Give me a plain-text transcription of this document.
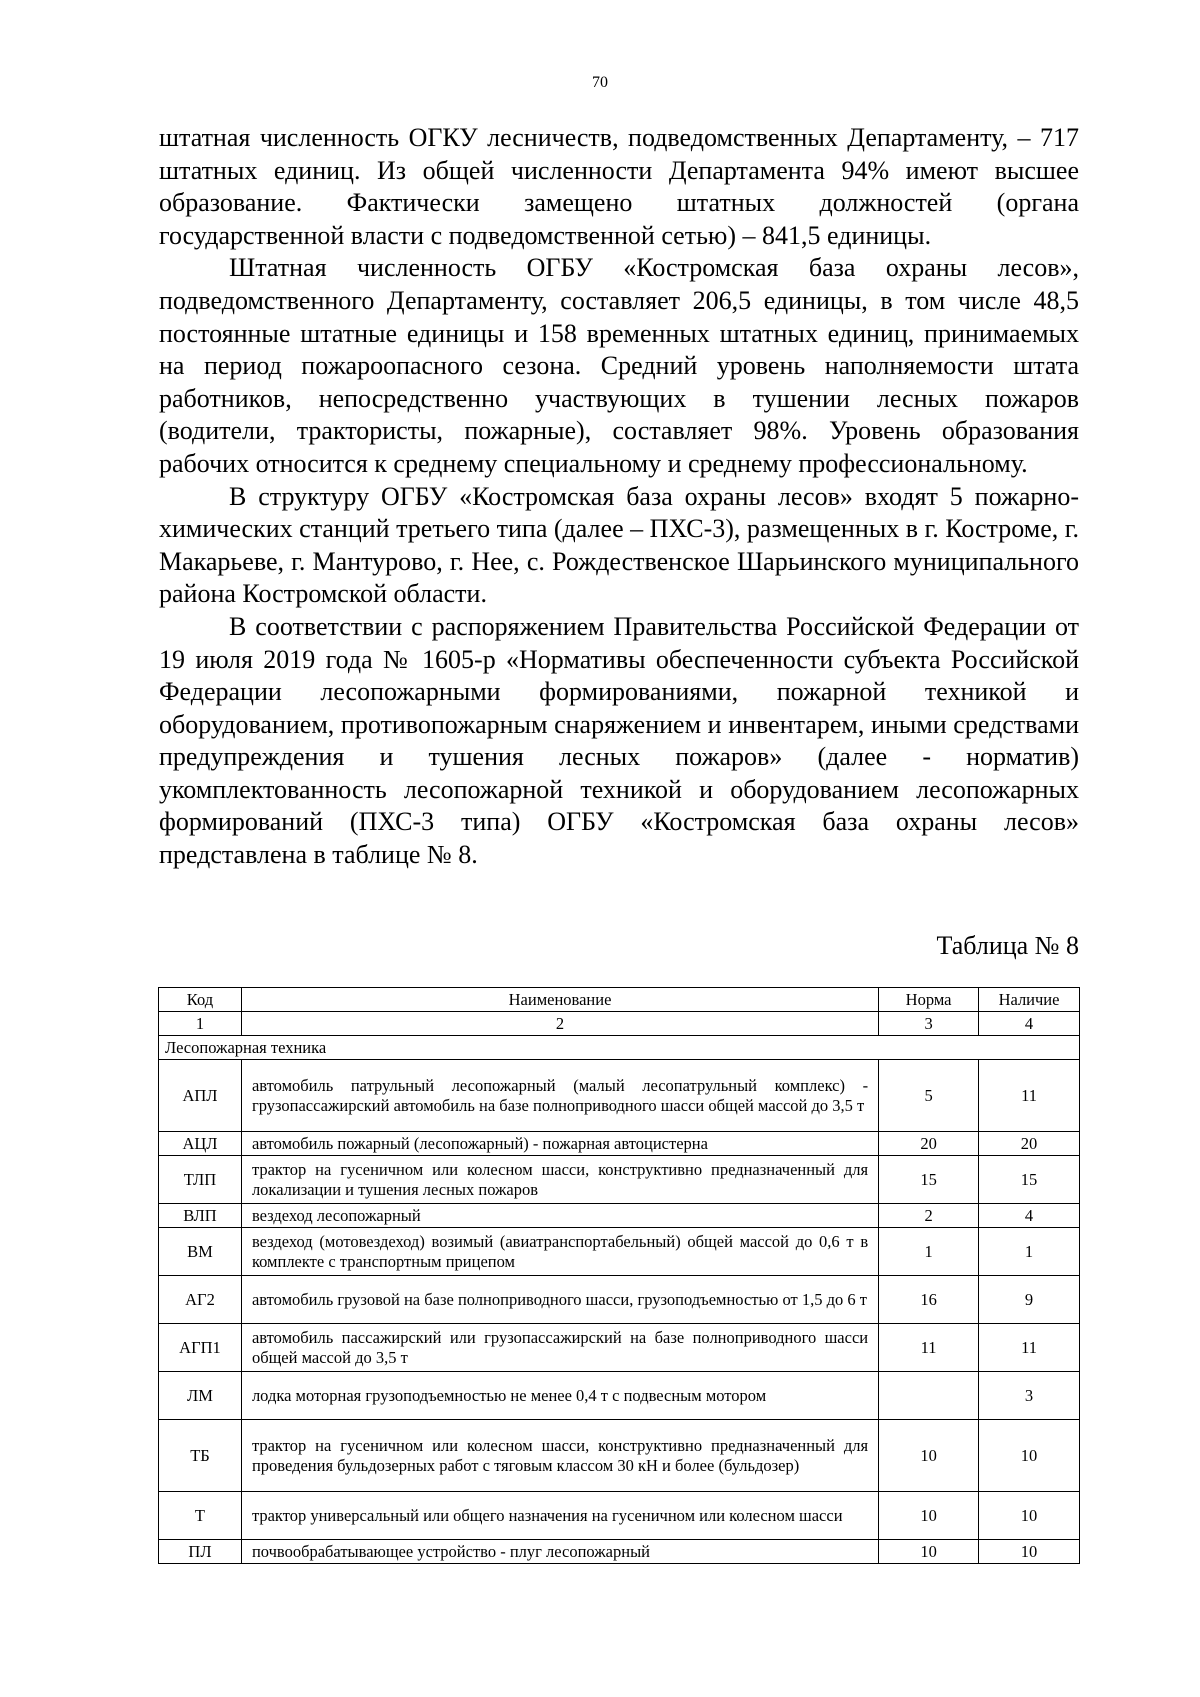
70

штатная численность ОГКУ лесничеств, подведомственных Департаменту, – 717 штатных единиц. Из общей численности Департамента 94% имеют высшее образование. Фактически замещено штатных должностей (органа государственной власти с подведомственной сетью) – 841,5 единицы.

Штатная численность ОГБУ «Костромская база охраны лесов», подведомственного Департаменту, составляет 206,5 единицы, в том числе 48,5 постоянные штатные единицы и 158 временных штатных единиц, принимаемых на период пожароопасного сезона. Средний уровень наполняемости штата работников, непосредственно участвующих в тушении лесных пожаров (водители, трактористы, пожарные), составляет 98%. Уровень образования рабочих относится к среднему специальному и среднему профессиональному.

В структуру ОГБУ «Костромская база охраны лесов» входят 5 пожарно-химических станций третьего типа (далее – ПХС-3), размещенных в г. Костроме, г. Макарьеве, г. Мантурово, г. Нее, с. Рождественское Шарьинского муниципального района Костромской области.

В соответствии с распоряжением Правительства Российской Федерации от 19 июля 2019 года № 1605-р «Нормативы обеспеченности субъекта Российской Федерации лесопожарными формированиями, пожарной техникой и оборудованием, противопожарным снаряжением и инвентарем, иными средствами предупреждения и тушения лесных пожаров» (далее - норматив) укомплектованность лесопожарной техникой и оборудованием лесопожарных формирований (ПХС-3 типа) ОГБУ «Костромская база охраны лесов» представлена в таблице № 8.

Таблица № 8
Код	Наименование	Норма	Наличие
1	2	3	4
Лесопожарная техника			
АПЛ	автомобиль патрульный лесопожарный (малый лесопатрульный комплекс) - грузопассажирский автомобиль на базе полноприводного шасси общей массой до 3,5 т	5	11
АЦЛ	автомобиль пожарный (лесопожарный) - пожарная автоцистерна	20	20
ТЛП	трактор на гусеничном или колесном шасси, конструктивно предназначенный для локализации и тушения лесных пожаров	15	15
ВЛП	вездеход лесопожарный	2	4
ВМ	вездеход (мотовездеход) возимый (авиатранспортабельный) общей массой до 0,6 т в комплекте с транспортным прицепом	1	1
АГ2	автомобиль грузовой на базе полноприводного шасси, грузоподъемностью от 1,5 до 6 т	16	9
АГП1	автомобиль пассажирский или грузопассажирский на базе полноприводного шасси общей массой до 3,5 т	11	11
ЛМ	лодка моторная грузоподъемностью не менее 0,4 т с подвесным мотором		3
ТБ	трактор на гусеничном или колесном шасси, конструктивно предназначенный для проведения бульдозерных работ с тяговым классом 30 кН и более (бульдозер)	10	10
Т	трактор универсальный или общего назначения на гусеничном или колесном шасси	10	10
ПЛ	почвообрабатывающее устройство - плуг лесопожарный	10	10
